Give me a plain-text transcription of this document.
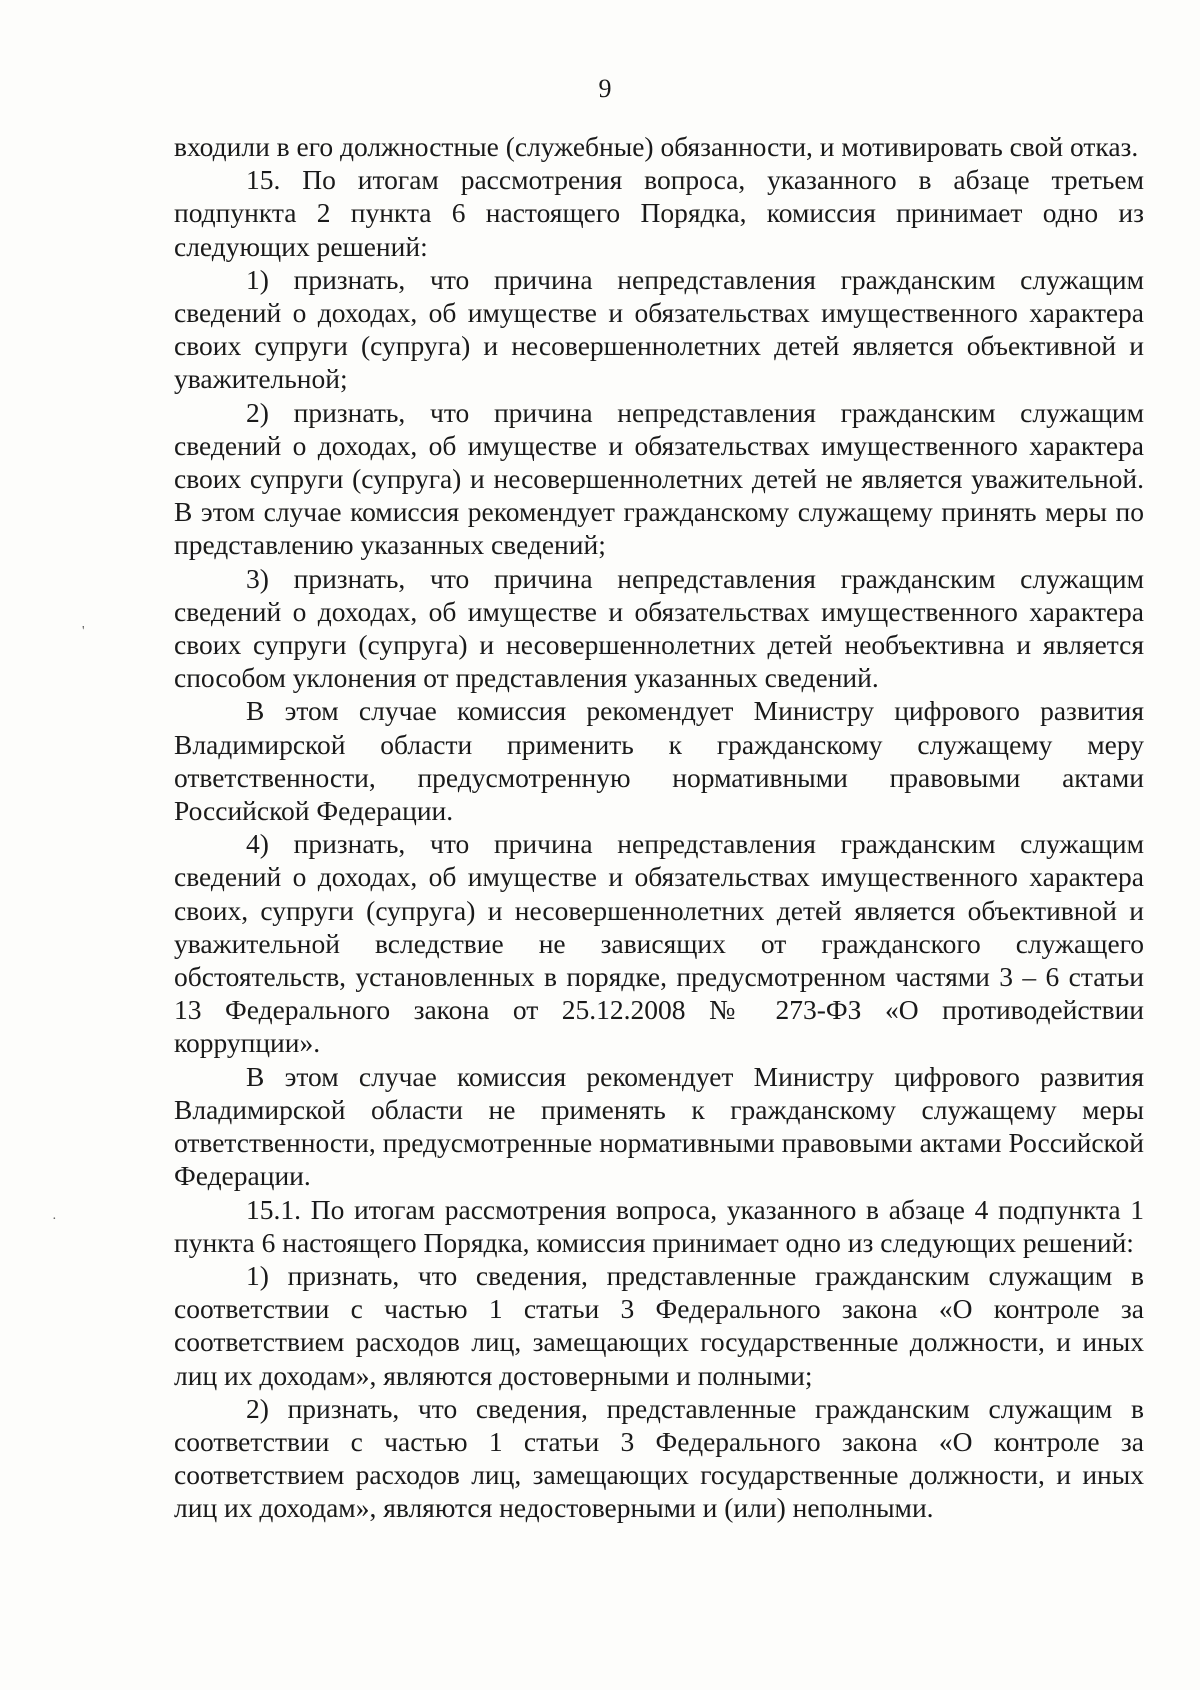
9

входили в его должностные (служебные) обязанности, и мотивировать свой отказ.

15. По итогам рассмотрения вопроса, указанного в абзаце третьем подпункта 2 пункта 6 настоящего Порядка, комиссия принимает одно из следующих решений:

1) признать, что причина непредставления гражданским служащим сведений о доходах, об имуществе и обязательствах имущественного характера своих супруги (супруга) и несовершеннолетних детей является объективной и уважительной;

2) признать, что причина непредставления гражданским служащим сведений о доходах, об имуществе и обязательствах имущественного характера своих супруги (супруга) и несовершеннолетних детей не является уважительной. В этом случае комиссия рекомендует гражданскому служащему принять меры по представлению указанных сведений;

3) признать, что причина непредставления гражданским служащим сведений о доходах, об имуществе и обязательствах имущественного характера своих супруги (супруга) и несовершеннолетних детей необъективна и является способом уклонения от представления указанных сведений.

В этом случае комиссия рекомендует Министру цифрового развития Владимирской области применить к гражданскому служащему меру ответственности, предусмотренную нормативными правовыми актами Российской Федерации.

4) признать, что причина непредставления гражданским служащим сведений о доходах, об имуществе и обязательствах имущественного характера своих, супруги (супруга) и несовершеннолетних детей является объективной и уважительной вследствие не зависящих от гражданского служащего обстоятельств, установленных в порядке, предусмотренном частями 3 – 6 статьи 13 Федерального закона от 25.12.2008 № 273-ФЗ «О противодействии коррупции».

В этом случае комиссия рекомендует Министру цифрового развития Владимирской области не применять к гражданскому служащему меры ответственности, предусмотренные нормативными правовыми актами Российской Федерации.

15.1. По итогам рассмотрения вопроса, указанного в абзаце 4 подпункта 1 пункта 6 настоящего Порядка, комиссия принимает одно из следующих решений:

1) признать, что сведения, представленные гражданским служащим в соответствии с частью 1 статьи 3 Федерального закона «О контроле за соответствием расходов лиц, замещающих государственные должности, и иных лиц их доходам», являются достоверными и полными;

2) признать, что сведения, представленные гражданским служащим в соответствии с частью 1 статьи 3 Федерального закона «О контроле за соответствием расходов лиц, замещающих государственные должности, и иных лиц их доходам», являются недостоверными и (или) неполными.

'
·
